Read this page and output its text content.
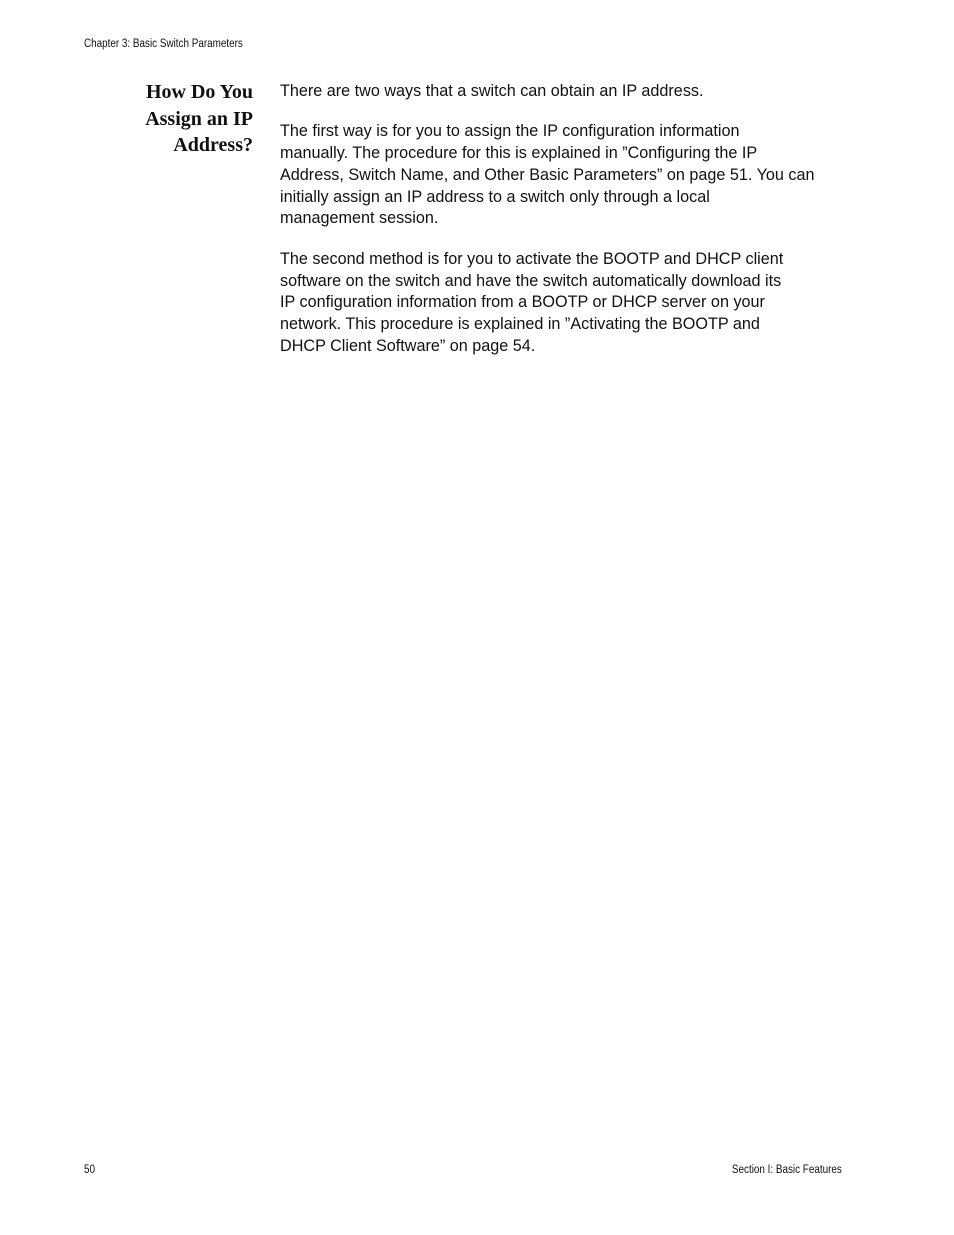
Chapter 3: Basic Switch Parameters
How Do You
Assign an IP
Address?

There are two ways that a switch can obtain an IP address.

The first way is for you to assign the IP configuration information
manually. The procedure for this is explained in ”Configuring the IP
Address, Switch Name, and Other Basic Parameters” on page 51. You can
initially assign an IP address to a switch only through a local
management session.

The second method is for you to activate the BOOTP and DHCP client
software on the switch and have the switch automatically download its
IP configuration information from a BOOTP or DHCP server on your
network. This procedure is explained in ”Activating the BOOTP and
DHCP Client Software” on page 54.

50	Section I: Basic Features
